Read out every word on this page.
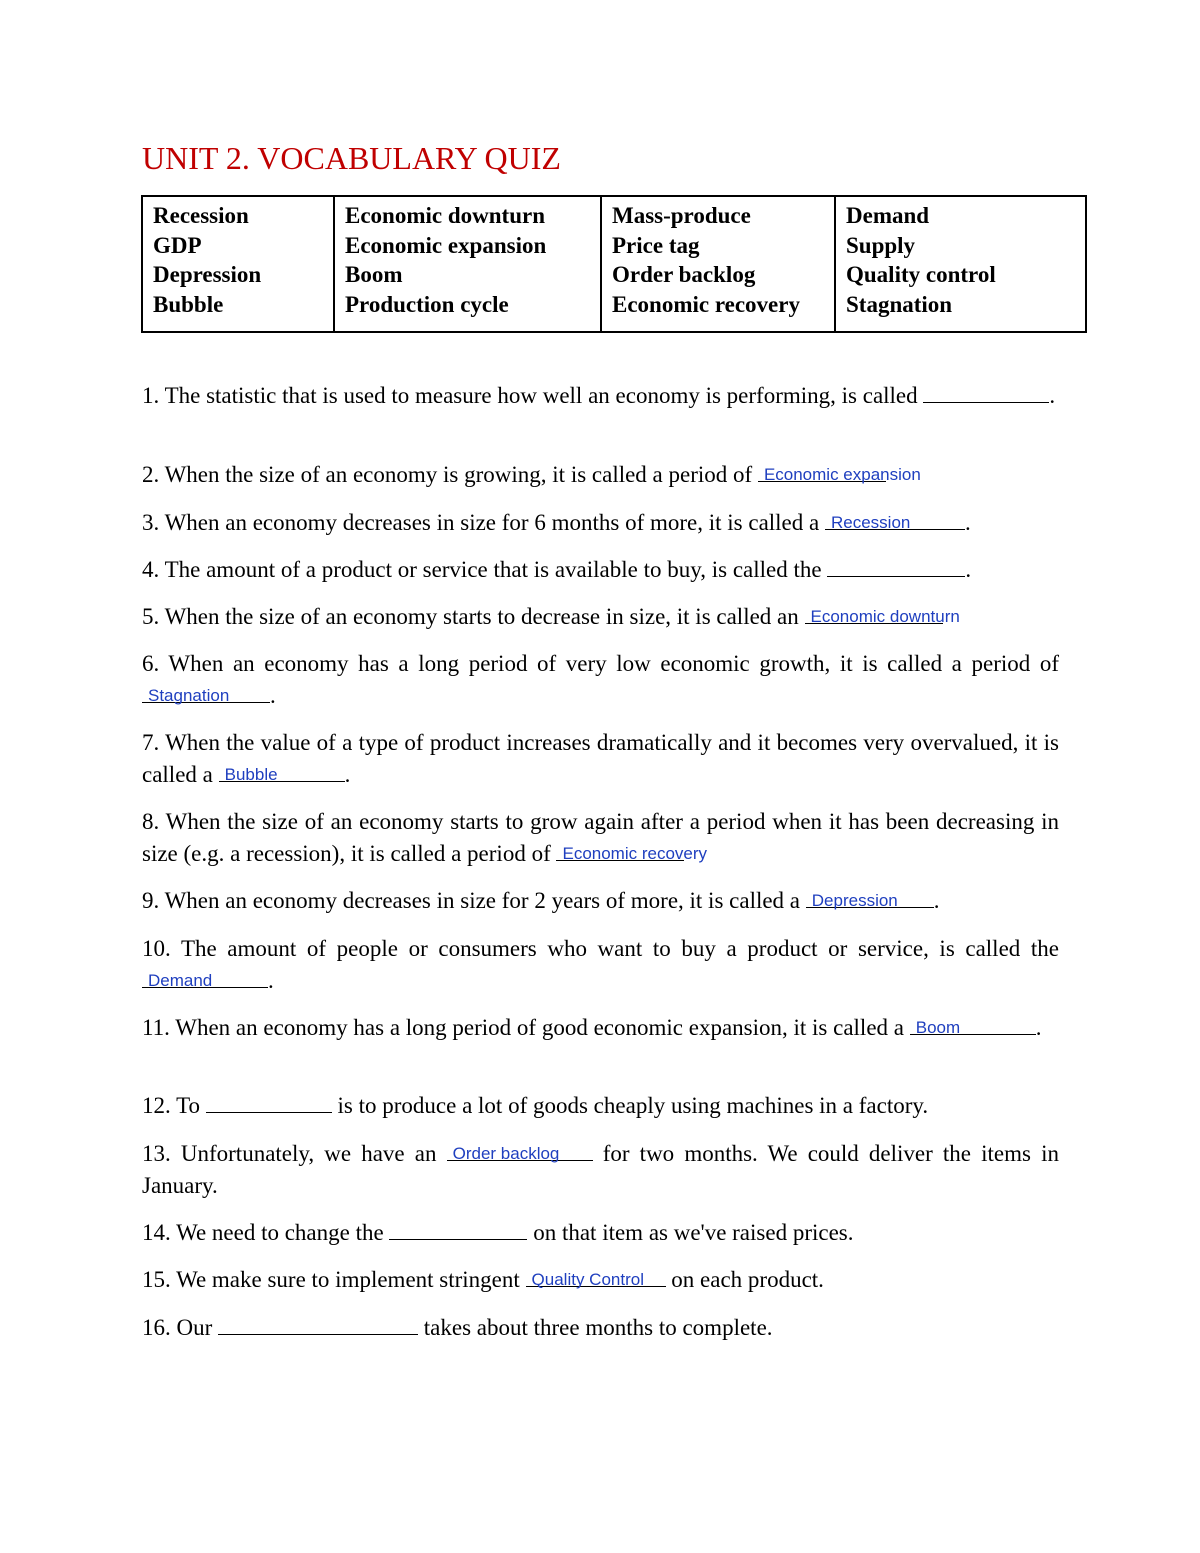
UNIT 2. VOCABULARY QUIZ
Recession
GDP
Depression
Bubble

Economic downturn
Economic expansion
Boom
Production cycle

Mass-produce
Price tag
Order backlog
Economic recovery

Demand
Supply
Quality control
Stagnation
1. The statistic that is used to measure how well an economy is performing, is called	.
2. When the size of an economy is growing, it is called a period of Economic expansion
3. When an economy decreases in size for 6 months of more, it is called a Recession .
4. The amount of a product or service that is available to buy, is called the	.
5. When the size of an economy starts to decrease in size, it is called an Economic downturn
6. When an economy has a long period of very low economic growth, it is called a period of
Stagnation .
7. When the value of a type of product increases dramatically and it becomes very overvalued, it is called a Bubble	.
8. When the size of an economy starts to grow again after a period when it has been decreasing in size (e.g. a recession), it is called a period of Economic recovery
9. When an economy decreases in size for 2 years of more, it is called a Depression .
10. The amount of people or consumers who want to buy a product or service, is called the
Demand .
11. When an economy has a long period of good economic expansion, it is called a Boom	.
12. To	is to produce a lot of goods cheaply using machines in a factory.
13. Unfortunately, we have an Order backlog for two months. We could deliver the items in January.
14. We need to change the	on that item as we've raised prices.
15. We make sure to implement stringent Quality Control on each product.
16. Our	takes about three months to complete.
